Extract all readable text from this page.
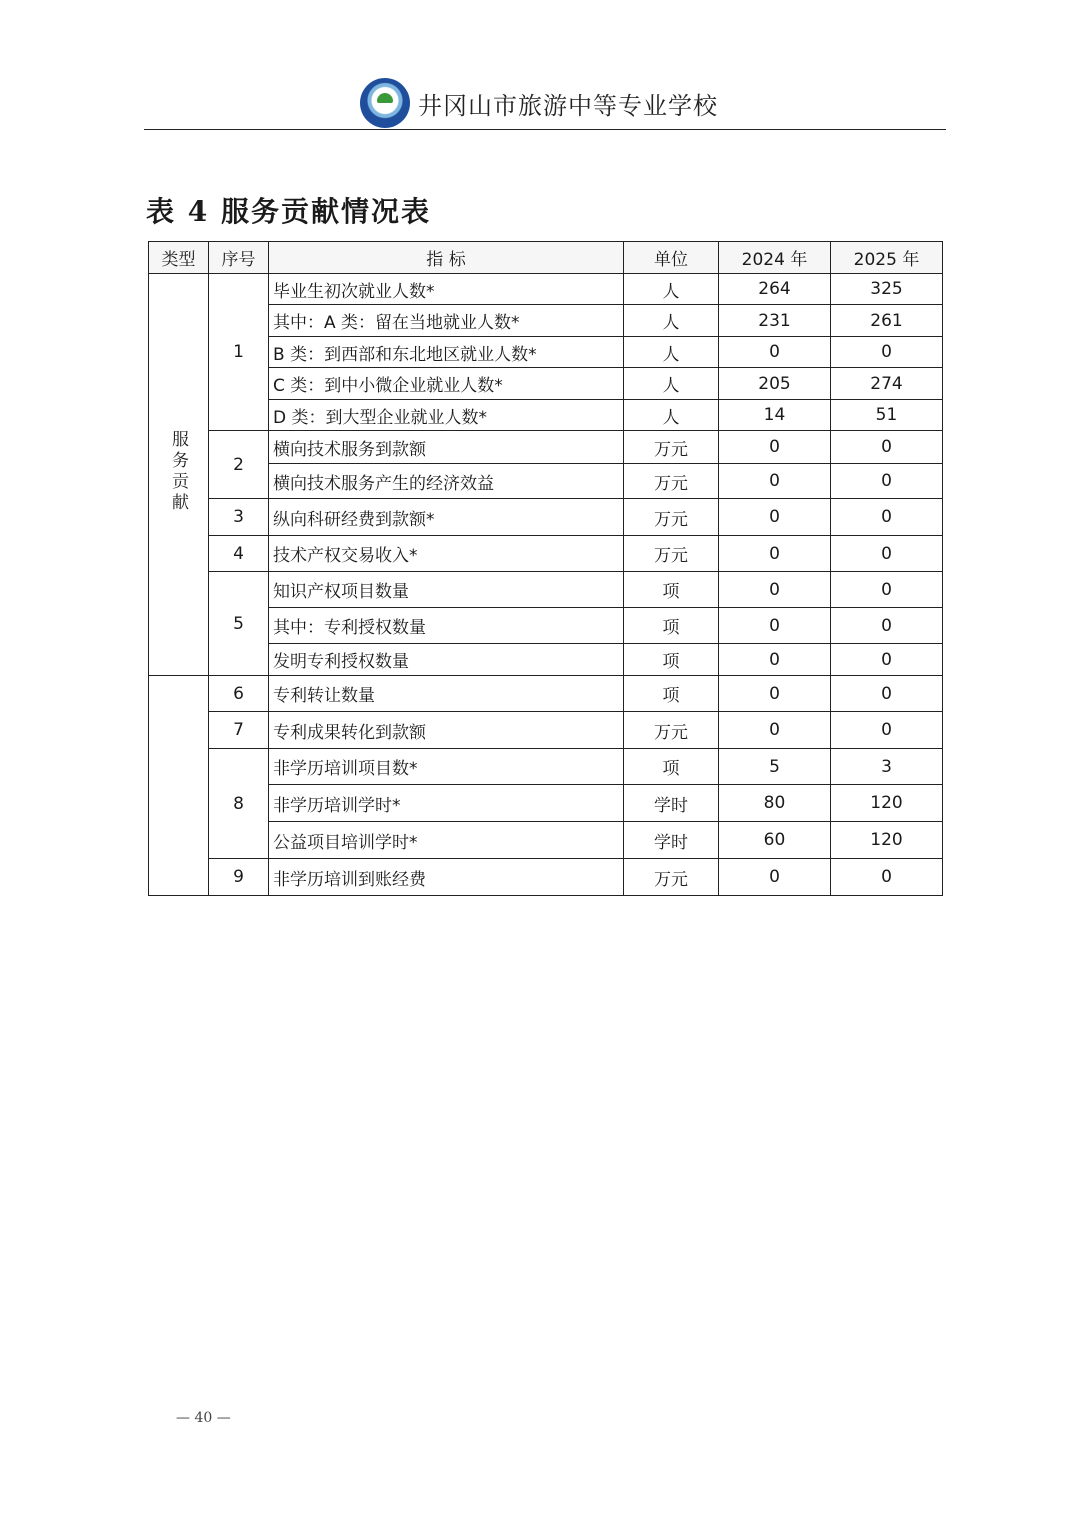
井冈山市旅游中等专业学校
表 4 服务贡献情况表
类型	序号	指 标	单位	2024 年	2025 年
服务贡献	1	毕业生初次就业人数*	人	264	325
		其中：A 类：留在当地就业人数*	人	231	261
		B 类：到西部和东北地区就业人数*	人	0	0
		C 类：到中小微企业就业人数*	人	205	274
		D 类：到大型企业就业人数*	人	14	51
	2	横向技术服务到款额	万元	0	0
		横向技术服务产生的经济效益	万元	0	0
	3	纵向科研经费到款额*	万元	0	0
	4	技术产权交易收入*	万元	0	0
	5	知识产权项目数量	项	0	0
		其中：专利授权数量	项	0	0
		发明专利授权数量	项	0	0
	6	专利转让数量	项	0	0
	7	专利成果转化到款额	万元	0	0
	8	非学历培训项目数*	项	5	3
		非学历培训学时*	学时	80	120
		公益项目培训学时*	学时	60	120
	9	非学历培训到账经费	万元	0	0
— 40 —
